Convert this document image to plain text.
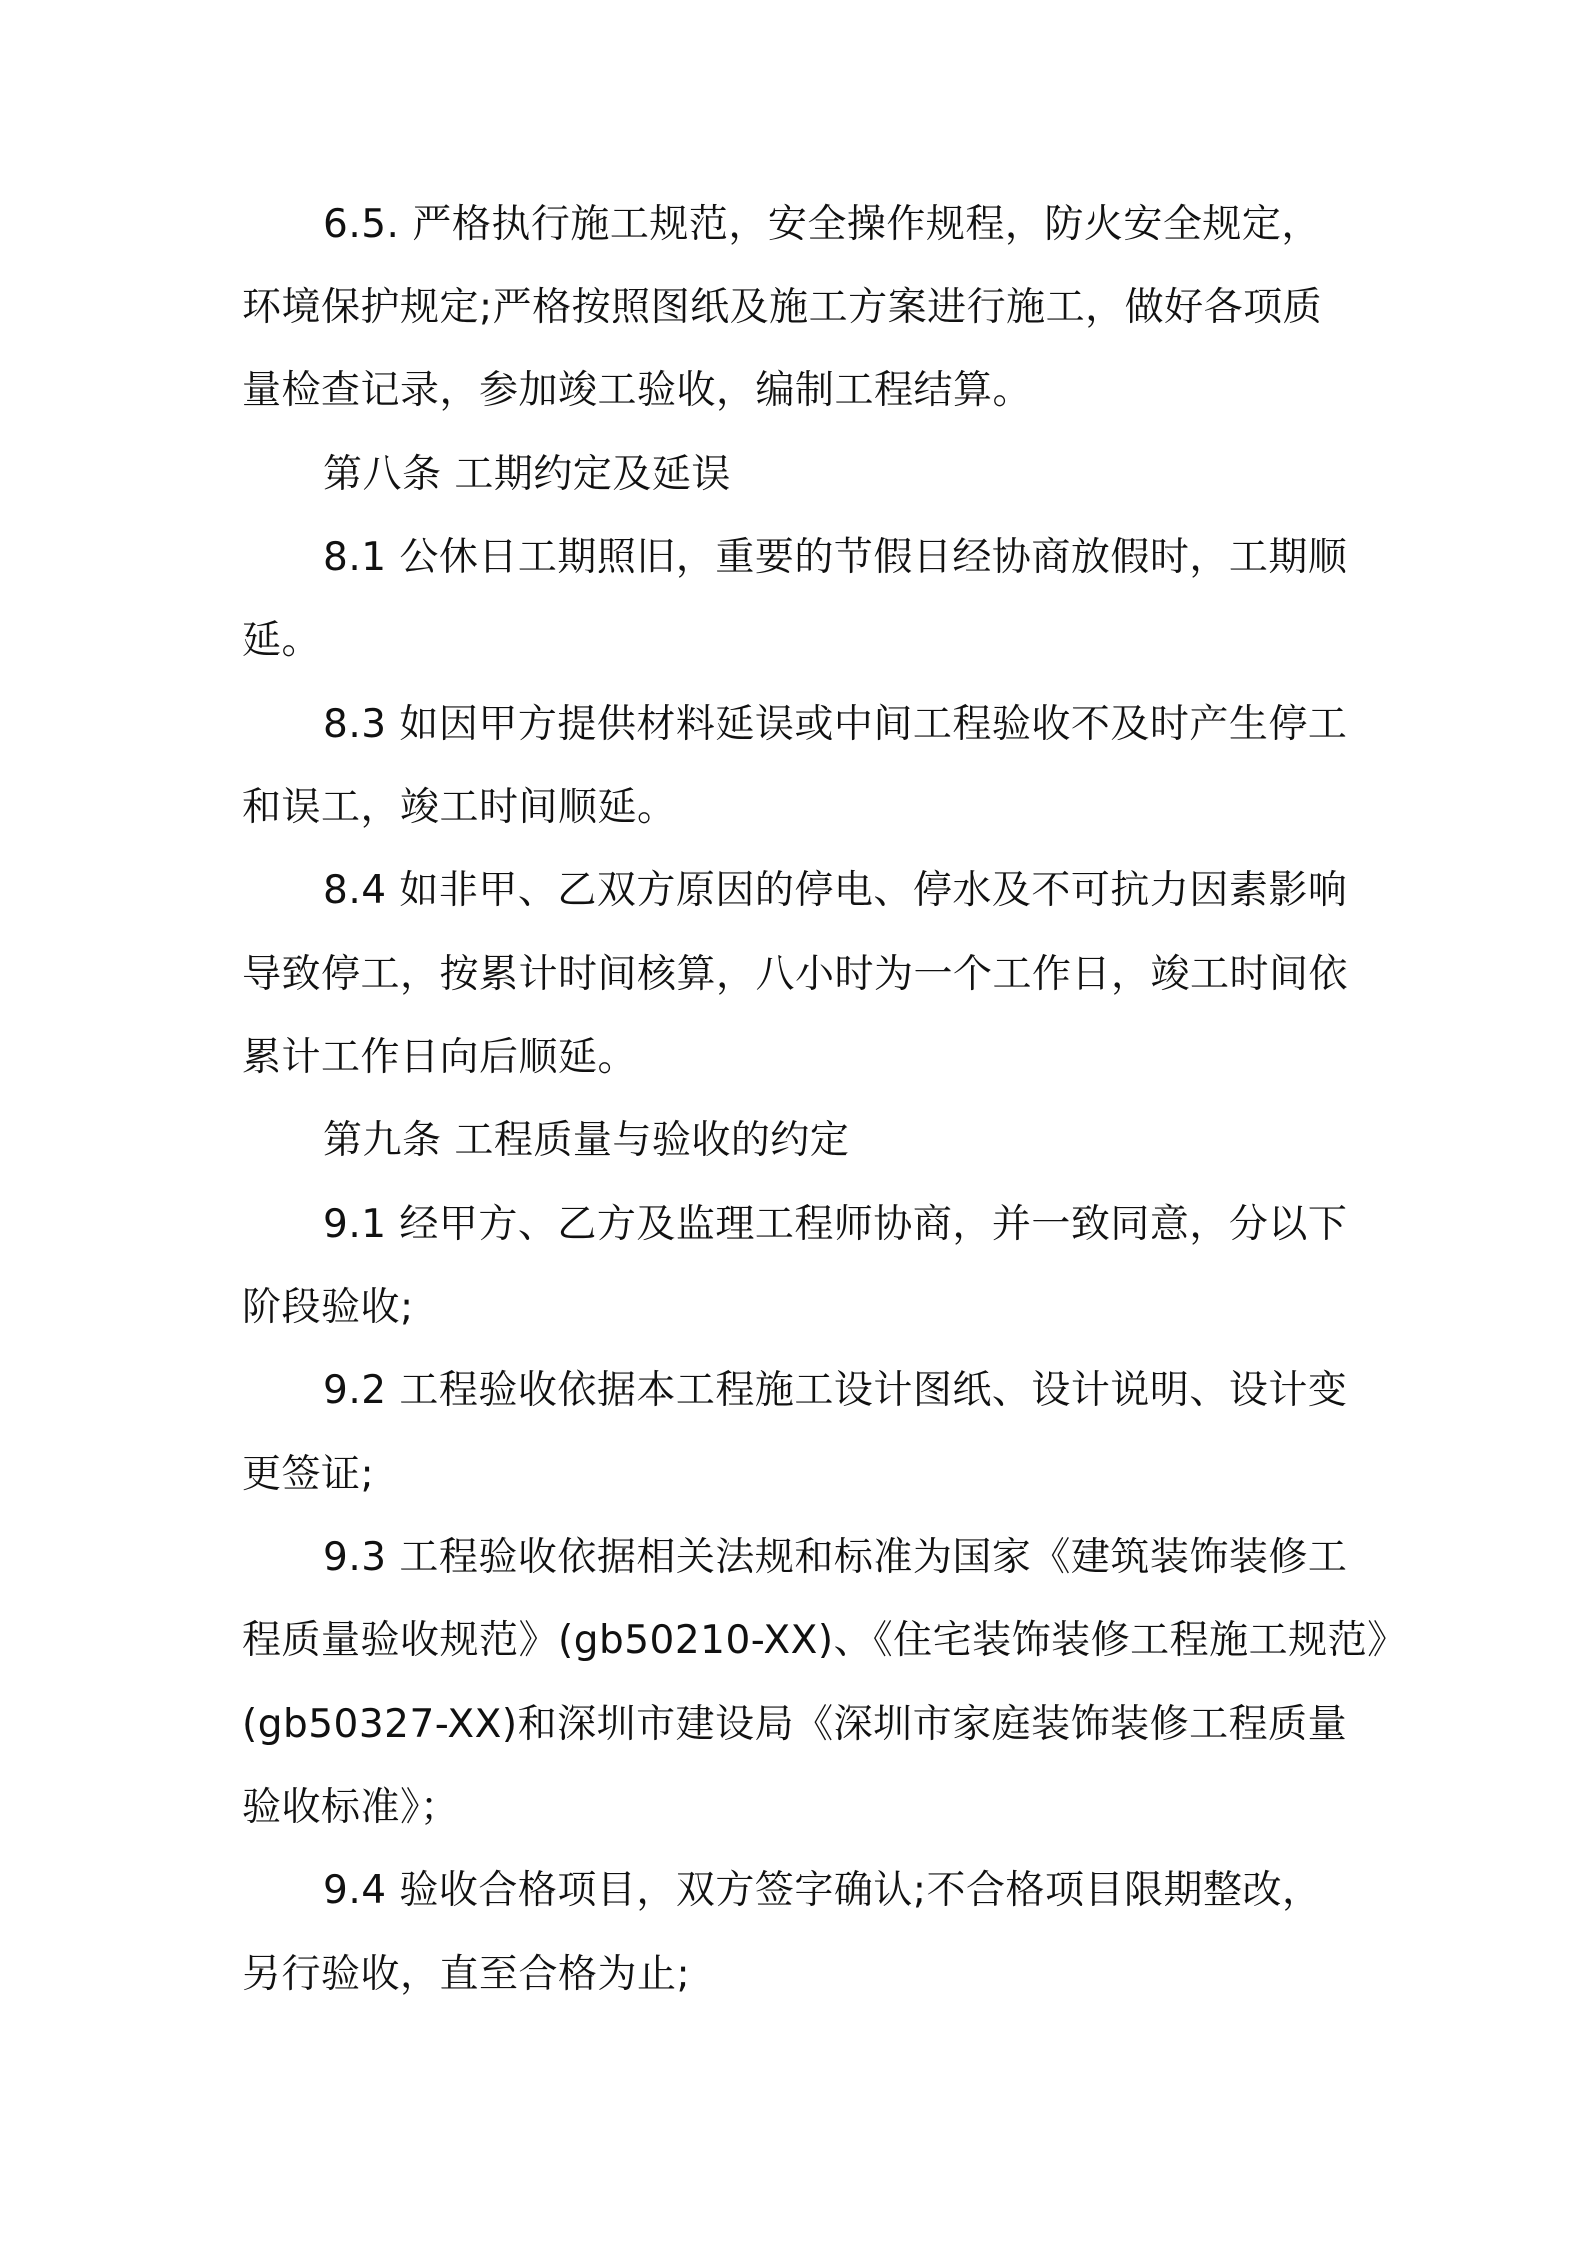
6.5. 严格执行施工规范，安全操作规程，防火安全规定，
环境保护规定;严格按照图纸及施工方案进行施工，做好各项质
量检查记录，参加竣工验收，编制工程结算。
第八条 工期约定及延误
8.1 公休日工期照旧，重要的节假日经协商放假时，工期顺
延。
8.3 如因甲方提供材料延误或中间工程验收不及时产生停工
和误工，竣工时间顺延。
8.4 如非甲、乙双方原因的停电、停水及不可抗力因素影响
导致停工，按累计时间核算，八小时为一个工作日，竣工时间依
累计工作日向后顺延。
第九条 工程质量与验收的约定
9.1 经甲方、乙方及监理工程师协商，并一致同意，分以下
阶段验收;
9.2 工程验收依据本工程施工设计图纸、设计说明、设计变
更签证;
9.3 工程验收依据相关法规和标准为国家《建筑装饰装修工
程质量验收规范》(gb50210-XX)、《住宅装饰装修工程施工规范》
(gb50327-XX)和深圳市建设局《深圳市家庭装饰装修工程质量
验收标准》；
9.4 验收合格项目，双方签字确认;不合格项目限期整改，
另行验收，直至合格为止;
